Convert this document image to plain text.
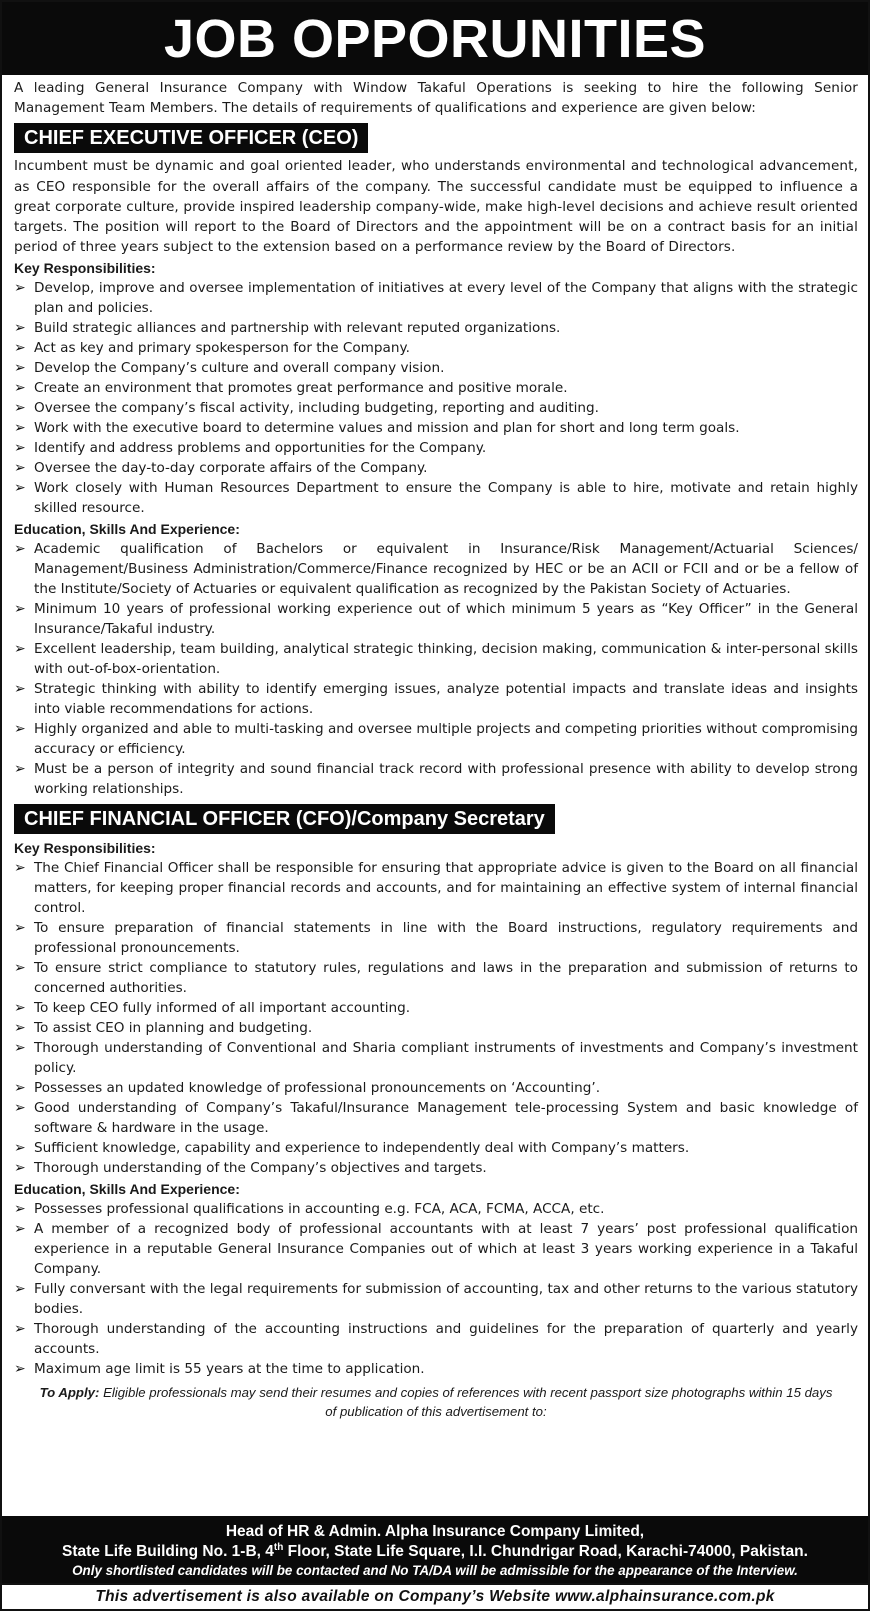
JOB OPPORUNITIES

A leading General Insurance Company with Window Takaful Operations is seeking to hire the following Senior Management Team Members. The details of requirements of qualifications and experience are given below:

CHIEF EXECUTIVE OFFICER (CEO)

Incumbent must be dynamic and goal oriented leader, who understands environmental and technological advancement, as CEO responsible for the overall affairs of the company. The successful candidate must be equipped to influence a great corporate culture, provide inspired leadership company-wide, make high-level decisions and achieve result oriented targets. The position will report to the Board of Directors and the appointment will be on a contract basis for an initial period of three years subject to the extension based on a performance review by the Board of Directors.

Key Responsibilities:
➢ Develop, improve and oversee implementation of initiatives at every level of the Company that aligns with the strategic plan and policies.
➢ Build strategic alliances and partnership with relevant reputed organizations.
➢ Act as key and primary spokesperson for the Company.
➢ Develop the Company’s culture and overall company vision.
➢ Create an environment that promotes great performance and positive morale.
➢ Oversee the company’s fiscal activity, including budgeting, reporting and auditing.
➢ Work with the executive board to determine values and mission and plan for short and long term goals.
➢ Identify and address problems and opportunities for the Company.
➢ Oversee the day-to-day corporate affairs of the Company.
➢ Work closely with Human Resources Department to ensure the Company is able to hire, motivate and retain highly skilled resource.
Education, Skills And Experience:
➢ Academic qualification of Bachelors or equivalent in Insurance/Risk Management/Actuarial Sciences/ Management/Business Administration/Commerce/Finance recognized by HEC or be an ACII or FCII and or be a fellow of the Institute/Society of Actuaries or equivalent qualification as recognized by the Pakistan Society of Actuaries.
➢ Minimum 10 years of professional working experience out of which minimum 5 years as “Key Officer” in the General Insurance/Takaful industry.
➢ Excellent leadership, team building, analytical strategic thinking, decision making, communication & inter-personal skills with out-of-box-orientation.
➢ Strategic thinking with ability to identify emerging issues, analyze potential impacts and translate ideas and insights into viable recommendations for actions.
➢ Highly organized and able to multi-tasking and oversee multiple projects and competing priorities without compromising accuracy or efficiency.
➢ Must be a person of integrity and sound financial track record with professional presence with ability to develop strong working relationships.
CHIEF FINANCIAL OFFICER (CFO)/Company Secretary
Key Responsibilities:
➢ The Chief Financial Officer shall be responsible for ensuring that appropriate advice is given to the Board on all financial matters, for keeping proper financial records and accounts, and for maintaining an effective system of internal financial control.
➢ To ensure preparation of financial statements in line with the Board instructions, regulatory requirements and professional pronouncements.
➢ To ensure strict compliance to statutory rules, regulations and laws in the preparation and submission of returns to concerned authorities.
➢ To keep CEO fully informed of all important accounting.
➢ To assist CEO in planning and budgeting.
➢ Thorough understanding of Conventional and Sharia compliant instruments of investments and Company’s investment policy.
➢ Possesses an updated knowledge of professional pronouncements on ‘Accounting’.
➢ Good understanding of Company’s Takaful/Insurance Management tele-processing System and basic knowledge of software & hardware in the usage.
➢ Sufficient knowledge, capability and experience to independently deal with Company’s matters.
➢ Thorough understanding of the Company’s objectives and targets.
Education, Skills And Experience:
➢ Possesses professional qualifications in accounting e.g. FCA, ACA, FCMA, ACCA, etc.
➢ A member of a recognized body of professional accountants with at least 7 years’ post professional qualification experience in a reputable General Insurance Companies out of which at least 3 years working experience in a Takaful Company.
➢ Fully conversant with the legal requirements for submission of accounting, tax and other returns to the various statutory bodies.
➢ Thorough understanding of the accounting instructions and guidelines for the preparation of quarterly and yearly accounts.
➢ Maximum age limit is 55 years at the time to application.

To Apply: Eligible professionals may send their resumes and copies of references with recent passport size photographs within 15 days of publication of this advertisement to:

Head of HR & Admin. Alpha Insurance Company Limited,
State Life Building No. 1-B, 4th Floor, State Life Square, I.I. Chundrigar Road, Karachi-74000, Pakistan.
Only shortlisted candidates will be contacted and No TA/DA will be admissible for the appearance of the Interview.
This advertisement is also available on Company’s Website www.alphainsurance.com.pk
